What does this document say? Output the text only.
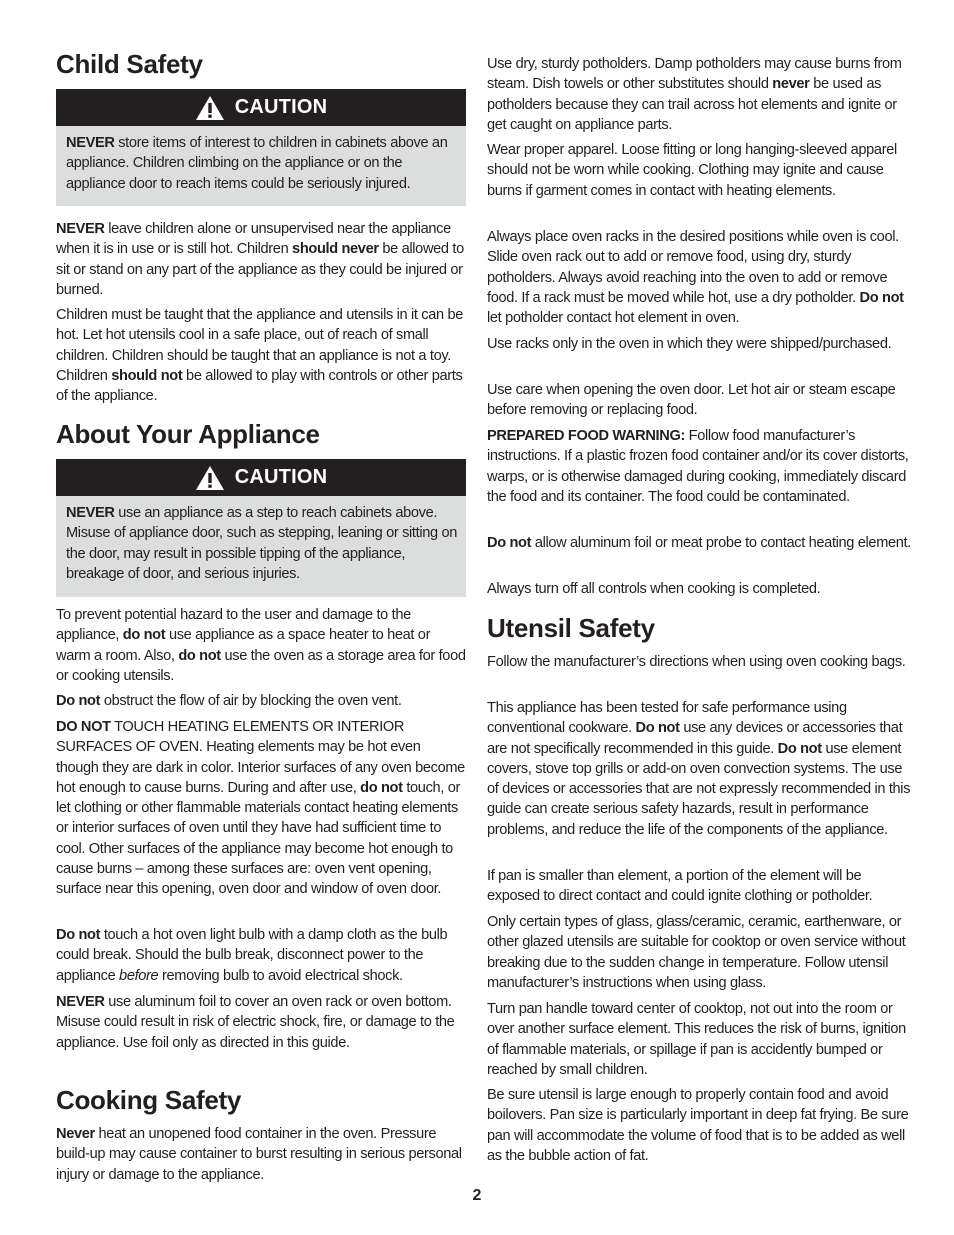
Child Safety
CAUTION

NEVER store items of interest to children in cabinets above an appliance. Children climbing on the appliance or on the appliance door to reach items could be seriously injured.

NEVER leave children alone or unsupervised near the appliance when it is in use or is still hot. Children should never be allowed to sit or stand on any part of the appliance as they could be injured or burned.

Children must be taught that the appliance and utensils in it can be hot. Let hot utensils cool in a safe place, out of reach of small children. Children should be taught that an appliance is not a toy. Children should not be allowed to play with controls or other parts of the appliance.

About Your Appliance
CAUTION

NEVER use an appliance as a step to reach cabinets above. Misuse of appliance door, such as stepping, leaning or sitting on the door, may result in possible tipping of the appliance, breakage of door, and serious injuries.

To prevent potential hazard to the user and damage to the appliance, do not use appliance as a space heater to heat or warm a room. Also, do not use the oven as a storage area for food or cooking utensils.

Do not obstruct the flow of air by blocking the oven vent.

DO NOT TOUCH HEATING ELEMENTS OR INTERIOR SURFACES OF OVEN. Heating elements may be hot even though they are dark in color. Interior surfaces of any oven become hot enough to cause burns. During and after use, do not touch, or let clothing or other flammable materials contact heating elements or interior surfaces of oven until they have had sufficient time to cool. Other surfaces of the appliance may become hot enough to cause burns – among these surfaces are: oven vent opening, surface near this opening, oven door and window of oven door.

Do not touch a hot oven light bulb with a damp cloth as the bulb could break. Should the bulb break, disconnect power to the appliance before removing bulb to avoid electrical shock.

NEVER use aluminum foil to cover an oven rack or oven bottom. Misuse could result in risk of electric shock, fire, or damage to the appliance. Use foil only as directed in this guide.

Cooking Safety

Never heat an unopened food container in the oven. Pressure build-up may cause container to burst resulting in serious personal injury or damage to the appliance.

Use dry, sturdy potholders. Damp potholders may cause burns from steam. Dish towels or other substitutes should never be used as potholders because they can trail across hot elements and ignite or get caught on appliance parts.

Wear proper apparel. Loose fitting or long hanging-sleeved apparel should not be worn while cooking. Clothing may ignite and cause burns if garment comes in contact with heating elements.

Always place oven racks in the desired positions while oven is cool. Slide oven rack out to add or remove food, using dry, sturdy potholders. Always avoid reaching into the oven to add or remove food. If a rack must be moved while hot, use a dry potholder. Do not let potholder contact hot element in oven.

Use racks only in the oven in which they were shipped/purchased.

Use care when opening the oven door. Let hot air or steam escape before removing or replacing food.

PREPARED FOOD WARNING: Follow food manufacturer’s instructions. If a plastic frozen food container and/or its cover distorts, warps, or is otherwise damaged during cooking, immediately discard the food and its container. The food could be contaminated.

Do not allow aluminum foil or meat probe to contact heating element.

Always turn off all controls when cooking is completed.

Utensil Safety

Follow the manufacturer’s directions when using oven cooking bags.

This appliance has been tested for safe performance using conventional cookware. Do not use any devices or accessories that are not specifically recommended in this guide. Do not use element covers, stove top grills or add-on oven convection systems. The use of devices or accessories that are not expressly recommended in this guide can create serious safety hazards, result in performance problems, and reduce the life of the components of the appliance.

If pan is smaller than element, a portion of the element will be exposed to direct contact and could ignite clothing or potholder.

Only certain types of glass, glass/ceramic, ceramic, earthenware, or other glazed utensils are suitable for cooktop or oven service without breaking due to the sudden change in temperature. Follow utensil manufacturer’s instructions when using glass.

Turn pan handle toward center of cooktop, not out into the room or over another surface element. This reduces the risk of burns, ignition of flammable materials, or spillage if pan is accidently bumped or reached by small children.

Be sure utensil is large enough to properly contain food and avoid boilovers. Pan size is particularly important in deep fat frying. Be sure pan will accommodate the volume of food that is to be added as well as the bubble action of fat.

2
